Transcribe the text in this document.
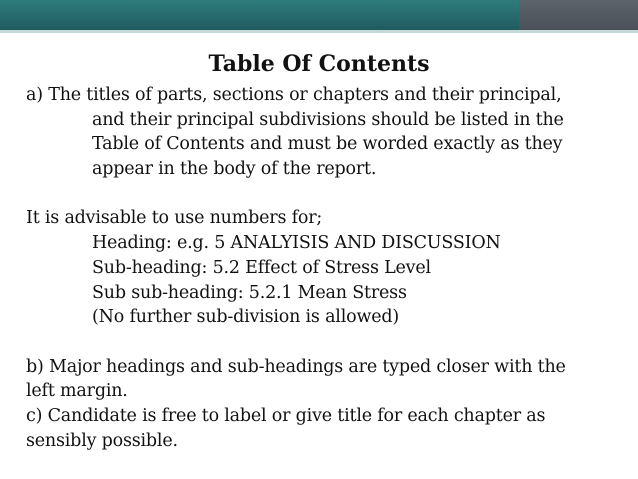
Table Of Contents
a) The titles of parts, sections or chapters and their principal,
and their principal subdivisions should be listed in the
Table of Contents and must be worded exactly as they
appear in the body of the report.
It is advisable to use numbers for;
Heading: e.g. 5 ANALYISIS AND DISCUSSION
Sub-heading: 5.2 Effect of Stress Level
Sub sub-heading: 5.2.1 Mean Stress
(No further sub-division is allowed)
b) Major headings and sub-headings are typed closer with the
left margin.
c) Candidate is free to label or give title for each chapter as
sensibly possible.
